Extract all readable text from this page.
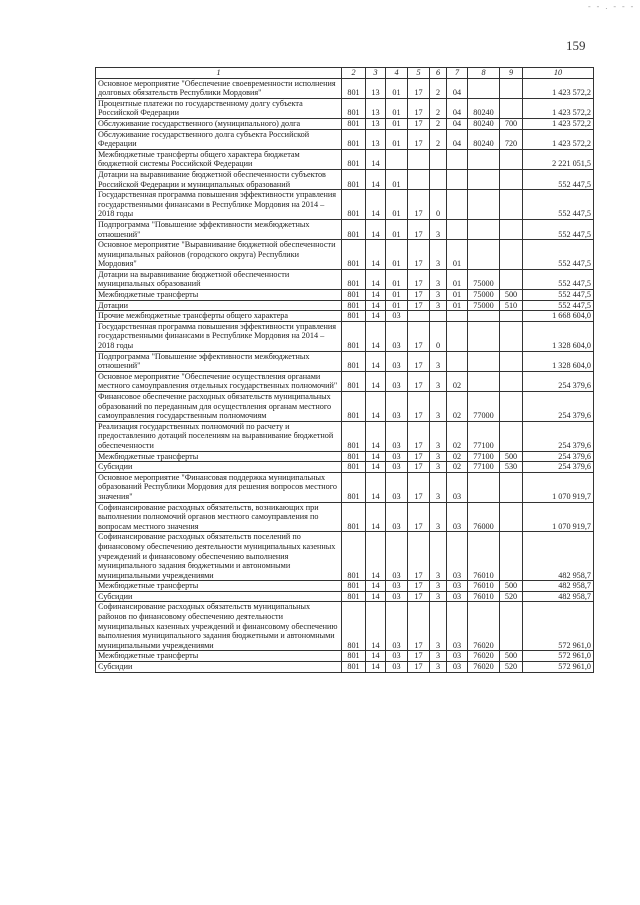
- - . - - -
159
1	2	3	4	5	6	7	8	9	10
Основное мероприятие "Обеспечение своевременности исполнения долговых обязательств Республики Мордовия"	801	13	01	17	2	04			1 423 572,2
Процентные платежи по государственному долгу субъекта Российской Федерации	801	13	01	17	2	04	80240		1 423 572,2
Обслуживание государственного (муниципального) долга	801	13	01	17	2	04	80240	700	1 423 572,2
Обслуживание государственного долга субъекта Российской Федерации	801	13	01	17	2	04	80240	720	1 423 572,2
Межбюджетные трансферты общего характера бюджетам бюджетной системы Российской Федерации	801	14							2 221 051,5
Дотации на выравнивание бюджетной обеспеченности субъектов Российской Федерации и муниципальных образований	801	14	01						552 447,5
Государственная программа повышения эффективности управления государственными финансами в Республике Мордовия на 2014 – 2018 годы	801	14	01	17	0				552 447,5
Подпрограмма "Повышение эффективности межбюджетных отношений"	801	14	01	17	3				552 447,5
Основное мероприятие "Выравнивание бюджетной обеспеченности муниципальных районов (городского округа) Республики Мордовия"	801	14	01	17	3	01			552 447,5
Дотации на выравнивание бюджетной обеспеченности муниципальных образований	801	14	01	17	3	01	75000		552 447,5
Межбюджетные трансферты	801	14	01	17	3	01	75000	500	552 447,5
Дотации	801	14	01	17	3	01	75000	510	552 447,5
Прочие межбюджетные трансферты общего характера	801	14	03						1 668 604,0
Государственная программа повышения эффективности управления государственными финансами в Республике Мордовия на 2014 – 2018 годы	801	14	03	17	0				1 328 604,0
Подпрограмма "Повышение эффективности межбюджетных отношений"	801	14	03	17	3				1 328 604,0
Основное мероприятие "Обеспечение осуществления органами местного самоуправления отдельных государственных полномочий"	801	14	03	17	3	02			254 379,6
Финансовое обеспечение расходных обязательств муниципальных образований по переданным для осуществления органам местного самоуправления государственным полномочиям	801	14	03	17	3	02	77000		254 379,6
Реализация государственных полномочий по расчету и предоставлению дотаций поселениям на выравнивание бюджетной обеспеченности	801	14	03	17	3	02	77100		254 379,6
Межбюджетные трансферты	801	14	03	17	3	02	77100	500	254 379,6
Субсидии	801	14	03	17	3	02	77100	530	254 379,6
Основное мероприятие "Финансовая поддержка муниципальных образований Республики Мордовия для решения вопросов местного значения"	801	14	03	17	3	03			1 070 919,7
Софинансирование расходных обязательств, возникающих при выполнении полномочий органов местного самоуправления по вопросам местного значения	801	14	03	17	3	03	76000		1 070 919,7
Софинансирование расходных обязательств поселений по финансовому обеспечению деятельности муниципальных казенных учреждений и финансовому обеспечению выполнения муниципального задания бюджетными и автономными муниципальными учреждениями	801	14	03	17	3	03	76010		482 958,7
Межбюджетные трансферты	801	14	03	17	3	03	76010	500	482 958,7
Субсидии	801	14	03	17	3	03	76010	520	482 958,7
Софинансирование расходных обязательств муниципальных районов по финансовому обеспечению деятельности муниципальных казенных учреждений и финансовому обеспечению выполнения муниципального задания бюджетными и автономными муниципальными учреждениями	801	14	03	17	3	03	76020		572 961,0
Межбюджетные трансферты	801	14	03	17	3	03	76020	500	572 961,0
Субсидии	801	14	03	17	3	03	76020	520	572 961,0
